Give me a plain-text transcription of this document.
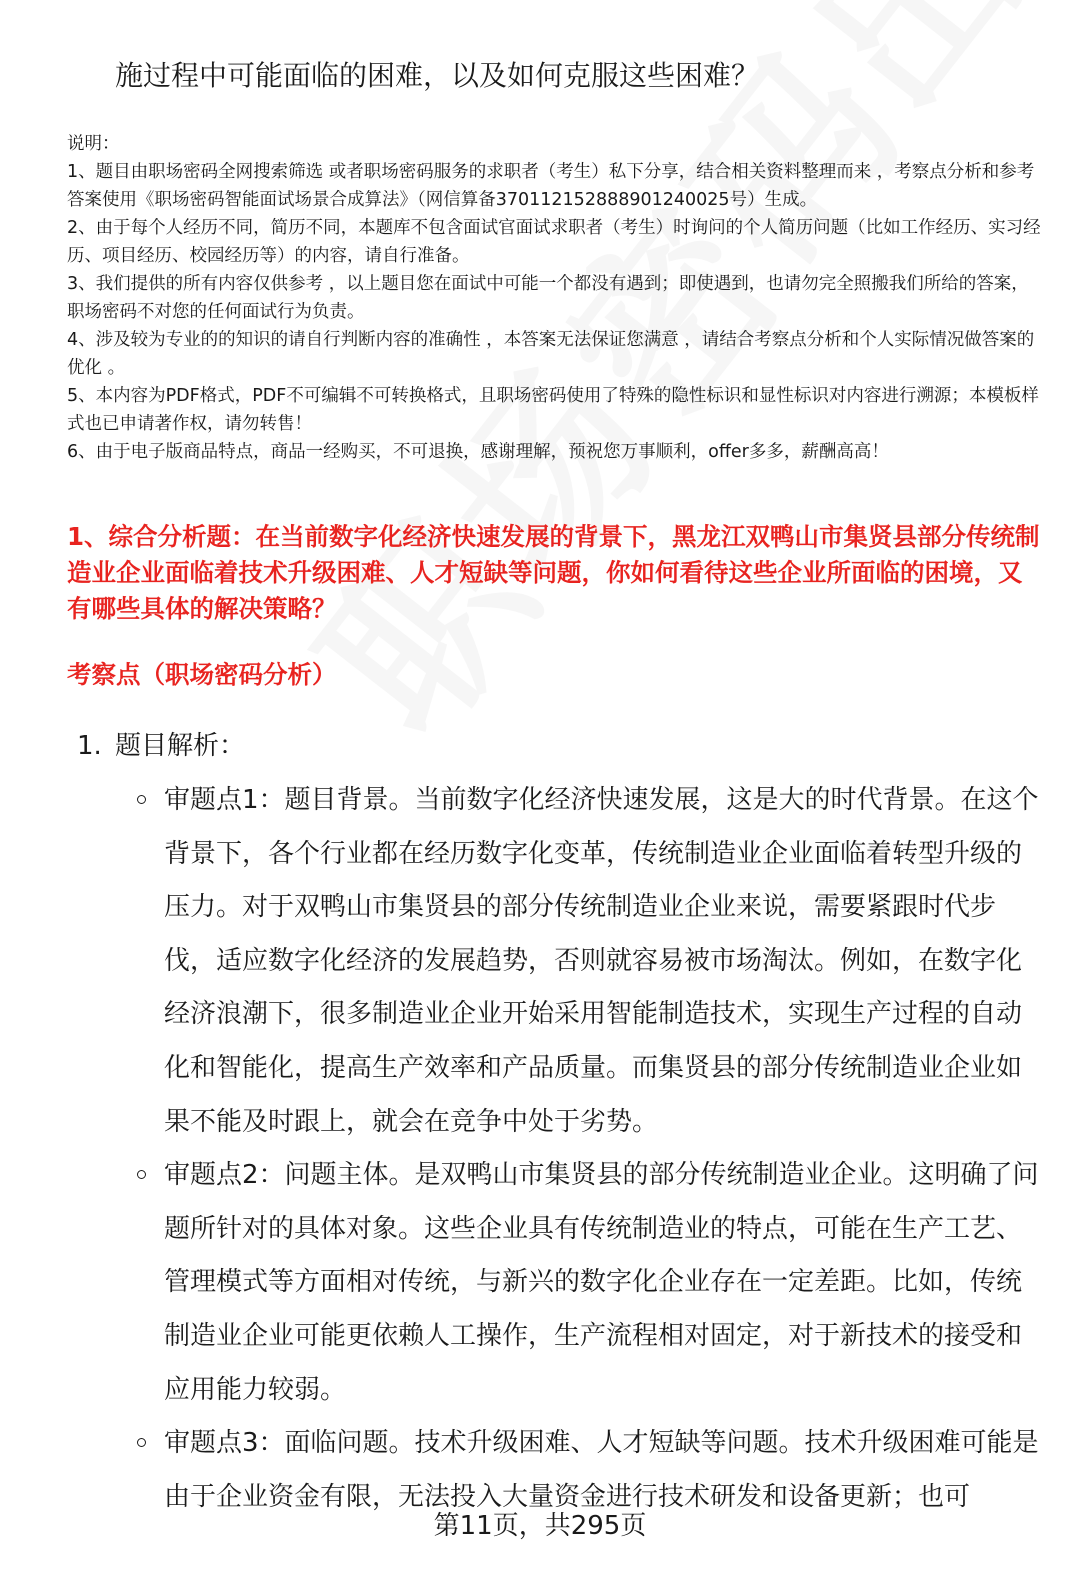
施过程中可能面临的困难，以及如何克服这些困难？

说明：

1、题目由职场密码全网搜索筛选 或者职场密码服务的求职者（考生）私下分享，结合相关资料整理而来 ，考察点分析和参考答案使用《职场密码智能面试场景合成算法》（网信算备370112152888901240025号）生成。

2、由于每个人经历不同，简历不同，本题库不包含面试官面试求职者（考生）时询问的个人简历问题（比如工作经历、实习经历、项目经历、校园经历等）的内容，请自行准备。

3、我们提供的所有内容仅供参考 ，以上题目您在面试中可能一个都没有遇到；即使遇到，也请勿完全照搬我们所给的答案，职场密码不对您的任何面试行为负责。

4、涉及较为专业的的知识的请自行判断内容的准确性 ，本答案无法保证您满意 ，请结合考察点分析和个人实际情况做答案的优化 。

5、本内容为PDF格式，PDF不可编辑不可转换格式，且职场密码使用了特殊的隐性标识和显性标识对内容进行溯源；本模板样式也已申请著作权，请勿转售！

6、由于电子版商品特点，商品一经购买，不可退换，感谢理解，预祝您万事顺利，offer多多，薪酬高高！

1、综合分析题：在当前数字化经济快速发展的背景下，黑龙江双鸭山市集贤县部分传统制造业企业面临着技术升级困难、人才短缺等问题，你如何看待这些企业所面临的困境，又有哪些具体的解决策略？
考察点（职场密码分析）
1. 题目解析：

审题点1：题目背景。当前数字化经济快速发展，这是大的时代背景。在这个背景下，各个行业都在经历数字化变革，传统制造业企业面临着转型升级的压力。对于双鸭山市集贤县的部分传统制造业企业来说，需要紧跟时代步伐，适应数字化经济的发展趋势，否则就容易被市场淘汰。例如，在数字化经济浪潮下，很多制造业企业开始采用智能制造技术，实现生产过程的自动化和智能化，提高生产效率和产品质量。而集贤县的部分传统制造业企业如果不能及时跟上，就会在竞争中处于劣势。

审题点2：问题主体。是双鸭山市集贤县的部分传统制造业企业。这明确了问题所针对的具体对象。这些企业具有传统制造业的特点，可能在生产工艺、管理模式等方面相对传统，与新兴的数字化企业存在一定差距。比如，传统制造业企业可能更依赖人工操作，生产流程相对固定，对于新技术的接受和应用能力较弱。

审题点3：面临问题。技术升级困难、人才短缺等问题。技术升级困难可能是由于企业资金有限，无法投入大量资金进行技术研发和设备更新；也可

第11页，共295页
